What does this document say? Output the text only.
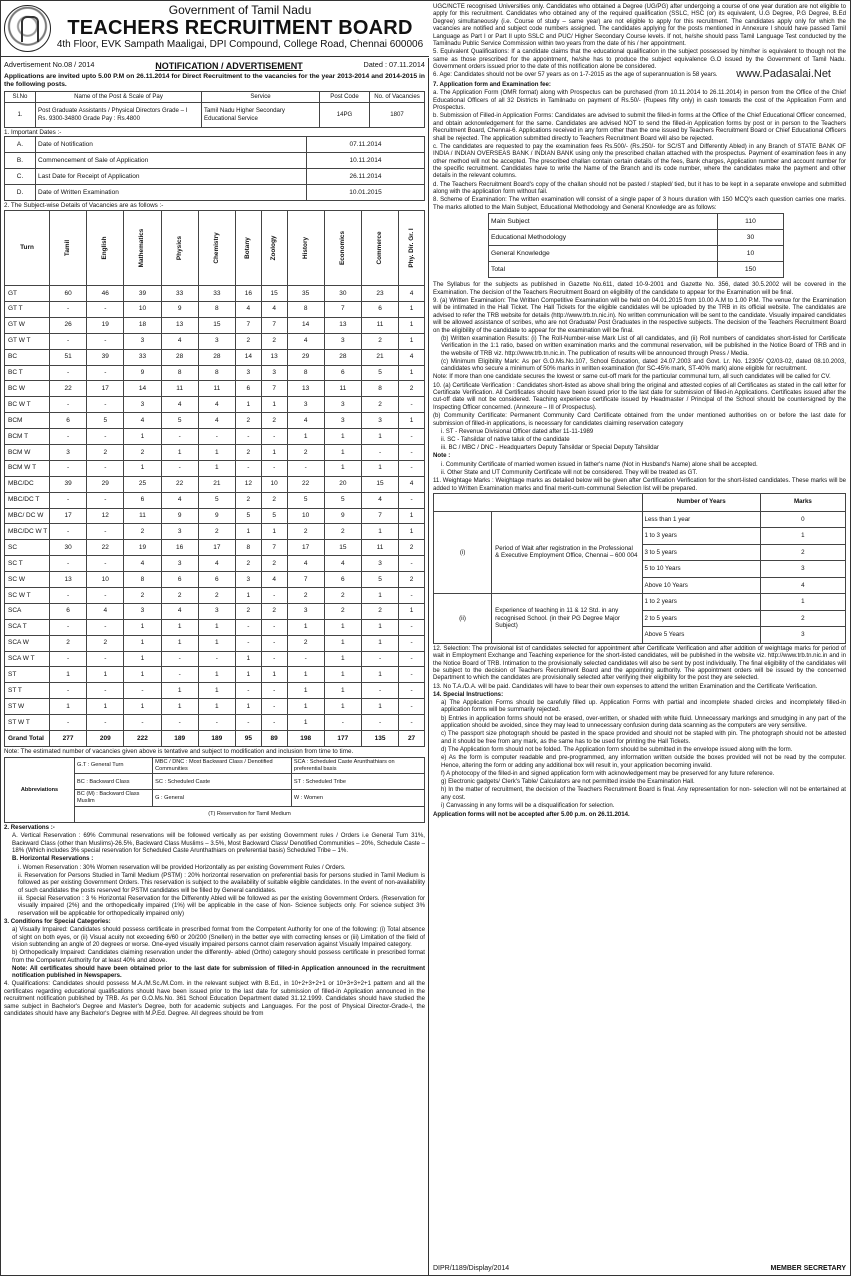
Government of Tamil Nadu
TEACHERS RECRUITMENT BOARD
4th Floor, EVK Sampath Maaligai, DPI Compound, College Road, Chennai 600006
Advertisement No.08 / 2014	NOTIFICATION / ADVERTISEMENT	Dated : 07.11.2014

Applications are invited upto 5.00 P.M on 26.11.2014 for Direct Recruitment to the vacancies for the year 2013-2014 and 2014-2015 in the following posts.

Sl.No	Name of the Post & Scale of Pay	Service	Post Code	No. of Vacancies
1.	Post Graduate Assistants / Physical Directors Grade – I
Rs. 9300-34800 Grade Pay : Rs.4800	Tamil Nadu Higher Secondary Educational Service	14PG	1807
1. Important Dates :-
A.	Date of Notification	07.11.2014
B.	Commencement of Sale of Application	10.11.2014
C.	Last Date for Receipt of Application	26.11.2014
D.	Date of Written Examination	10.01.2015
2. The Subject-wise Details of Vacancies are as follows :-
Turn	Tamil	English	Mathematics	Physics	Chemistry	Botany	Zoology	History	Economics	Commerce	Phy. Dir. Gr. I

GT	60	46	39	33	33	16	15	35	30	23	4
GT T	-	-	10	9	8	4	4	8	7	6	1
GT W	26	19	18	13	15	7	7	14	13	11	1
GT W T	-	-	3	4	3	2	2	4	3	2	1
BC	51	39	33	28	28	14	13	29	28	21	4
BC T	-	-	9	8	8	3	3	8	6	5	1
BC W	22	17	14	11	11	6	7	13	11	8	2
BC W T	-	-	3	4	4	1	1	3	3	2	-
BCM	6	5	4	5	4	2	2	4	3	3	1
BCM T	-	-	1	-	-	-	-	1	1	1	-
BCM W	3	2	2	1	1	2	1	2	1	-	-
BCM W T	-	-	1	-	1	-	-	-	1	1	-
MBC/DC	39	29	25	22	21	12	10	22	20	15	4
MBC/DC T	-	-	6	4	5	2	2	5	5	4	-
MBC/ DC W	17	12	11	9	9	5	5	10	9	7	1
MBC/DC W T	-	-	2	3	2	1	1	2	2	1	1
SC	30	22	19	16	17	8	7	17	15	11	2
SC T	-	-	4	3	4	2	2	4	4	3	-
SC W	13	10	8	6	6	3	4	7	6	5	2
SC W T	-	-	2	2	2	1	-	2	2	1	-
SCA	6	4	3	4	3	2	2	3	2	2	1
SCA T	-	-	1	1	1	-	-	1	1	1	-
SCA W	2	2	1	1	1	-	-	2	1	1	-
SCA W T	-	-	1	-	-	1	-	-	1	-	-
ST	1	1	1	-	1	1	1	1	1	1	-
ST T	-	-	-	1	1	-	-	1	1	-	-
ST W	1	1	1	1	1	1	-	1	1	1	-
ST W T	-	-	-	-	-	-	-	1	-	-	-
Grand Total	277	209	222	189	189	95	89	198	177	135	27

Note: The estimated number of vacancies given above is tentative and subject to modification and inclusion from time to time.

Abbreviations	G.T : General Turn	MBC / DNC : Most Backward Class / Denotified Communities	SCA : Scheduled Caste Arunthathiars on preferential basis
	BC : Backward Class	SC : Scheduled Caste	ST : Scheduled Tribe
	BC (M) : Backward Class Muslim	G : General	W : Women
	(T) Reservation for Tamil Medium		

2. Reservations :-

A. Vertical Reservation : 69% Communal reservations will be followed vertically as per existing Government rules / Orders i.e General Turn 31%, Backward Class (other than Muslims)-26.5%, Backward Class Muslims – 3.5%, Most Backward Class/ Denotified Communities – 20%, Schedule Caste – 18% (Which includes 3% special reservation for Scheduled Caste Arunthathiars on preferential basis) Scheduled Tribe – 1%.

B. Horizontal Reservations :

i. Women Reservation : 30% Women reservation will be provided Horizontally as per existing Government Rules / Orders.

ii. Reservation for Persons Studied in Tamil Medium (PSTM) : 20% horizontal reservation on preferential basis for persons studied in Tamil Medium is followed as per existing Government Orders. This reservation is subject to the availability of suitable eligible candidates. In the event of non-availability of such candidates the posts reserved for PSTM candidates will be filled by General candidates.

iii. Special Reservation : 3 % Horizontal Reservation for the Differently Abled will be followed as per the existing Government Orders. (Reservation for visually impaired (2%) and the orthopedically impaired (1%) will be applicable in the case of Non- Science subjects only. For science subject 3% reservation will be applicable for orthopedically impaired only)

3. Conditions for Special Categories:

a) Visually Impaired: Candidates should possess certificate in prescribed format from the Competent Authority for one of the following: (i) Total absence of sight on both eyes, or (ii) Visual acuity not exceeding 6/60 or 20/200 (Snellen) in the better eye with correcting lenses or (iii) Limitation of the field of vision subtending an angle of 20 degrees or worse. One-eyed visually impaired persons cannot claim reservation against Visually Impaired category.

b) Orthopedically Impaired: Candidates claiming reservation under the differently- abled (Ortho) category should possess certificate in prescribed format from the Competent Authority for at least 40% and above.

Note: All certificates should have been obtained prior to the last date for submission of filled-in Application announced in the recruitment notification published in Newspapers.

4. Qualifications: Candidates should possess M.A./M.Sc./M.Com. in the relevant subject with B.Ed., in 10+2+3+2+1 or 10+3+3+2+1 pattern and all the certificates regarding educational qualifications should have been issued prior to the last date for submission of filled-in Application announced in the recruitment notification published by TRB. As per G.O.Ms.No. 361 School Education Department dated 31.12.1999. Candidates should have studied the same subject in Bachelor's Degree and Master's Degree, both for academic subjects and Languages. For the post of Physical Director-Grade-I, the candidates should have any Bachelor's Degree with M.P.Ed. Degree. All degrees should be from

UGC/NCTE recognised Universities only. Candidates who obtained a Degree (UG/PG) after undergoing a course of one year duration are not eligible to apply for this recruitment. Candidates who obtained any of the required qualification (SSLC, HSC (or) its equivalent, U.G Degree, P.G Degree, B.Ed Degree) simultaneously (i.e. Course of study – same year) are not eligible to apply for this recruitment. The candidates apply only for which the vacancies are notified and subject code numbers assigned. The candidates applying for the posts mentioned in Annexure I should have passed Tamil Language as Part I or Part II upto SSLC and PUC/ Higher Secondary Course levels. If not, he/she should pass Tamil Language Test conducted by the Tamilnadu Public Service Commission within two years from the date of his / her appointment.

5. Equivalent Qualifications: If a candidate claims that the educational qualification in the subject possessed by him/her is equivalent to though not the same as those prescribed for the appointment, he/she has to produce the subject equivalence G.O issued by the Government of Tamil Nadu. Government orders issued prior to the date of this notification alone be considered.

6. Age: Candidates should not be over 57 years as on 1-7-2015 as the age of superannuation is 58 years.	www.Padasalai.Net

7. Application form and Examination fee:

a. The Application Form (OMR format) along with Prospectus can be purchased (from 10.11.2014 to 26.11.2014) in person from the Office of the Chief Educational Officers of all 32 Districts in Tamilnadu on payment of Rs.50/- (Rupees fifty only) in cash towards the cost of the Application Form and Prospectus.

b. Submission of Filled-in Application Forms: Candidates are advised to submit the filled-in forms at the Office of the Chief Educational Officer concerned, and obtain acknowledgement for the same. Candidates are advised NOT to send the filled-in Application forms by post or in person to the Teachers Recruitment Board, Chennai-6. Applications received in any form other than the one issued by Teachers Recruitment Board or Chief Educational Officers shall be rejected. The application submitted directly to Teachers Recruitment Board will also be rejected.

c. The candidates are requested to pay the examination fees Rs.500/- (Rs.250/- for SC/ST and Differently Abled) in any Branch of STATE BANK OF INDIA / INDIAN OVERSEAS BANK / INDIAN BANK using only the prescribed challan attached with the prospectus. Payment of examination fees in any other method will not be accepted. The prescribed challan contain certain details of the fees, Bank charges, Application number and account number for the specific recruitment. Candidates have to write the Name of the Branch and its code number, where the candidates make the payment and other details in the relevant columns.

d. The Teachers Recruitment Board's copy of the challan should not be pasted / stapled/ tied, but it has to be kept in a separate envelope and submitted along with the application form without fail.

8. Scheme of Examination: The written examination will consist of a single paper of 3 hours duration with 150 MCQ's each question carries one marks. The marks allotted to the Main Subject, Educational Methodology and General Knowledge are as follows:

Main Subject	110
Educational Methodology	30
General Knowledge	10
Total	150

The Syllabus for the subjects as published in Gazette No.611, dated 10-9-2001 and Gazette No. 356, dated 30.5.2002 will be covered in the Examination. The decision of the Teachers Recruitment Board on eligibility of the candidate to appear for the Examination will be final.

9. (a) Written Examination: The Written Competitive Examination will be held on 04.01.2015 from 10.00 A.M to 1.00 P.M. The venue for the Examination will be intimated in the Hall Ticket. The Hall Tickets for the eligible candidates will be uploaded by the TRB in its official website. The candidates are advised to refer the TRB website for details (http://www.trb.tn.nic.in). No written communication will be sent to the candidate. Visually impaired candidates will be allowed assistance of scribes, who are not Graduate/ Post Graduates in the respective subjects. The decision of the Teachers Recruitment Board on the eligibility of the candidate to appear for the examination will be final.

(b) Written examination Results: (i) The Roll-Number-wise Mark List of all candidates, and (ii) Roll numbers of candidates short-listed for Certificate Verification in the 1:1 ratio, based on written examination marks and the communal reservation, will be published in the Notice Board of TRB and in the website of TRB viz. http://www.trb.tn.nic.in. The publication of results will be announced through Press / Media.

(c) Minimum Eligibility Mark: As per G.O.Ms.No.107, School Education, dated 24.07.2003 and Govt. Lr. No. 12305/ Q2/03-02, dated 08.10.2003, candidates who secure a minimum of 50% marks in written examination (for SC-45% mark, ST-40% mark) alone eligible for recruitment.

Note: If more than one candidate secures the lowest or same cut-off mark for the particular communal turn, all such candidates will be called for CV.

10. (a) Certificate Verification : Candidates short-listed as above shall bring the original and attested copies of all Certificates as stated in the call letter for Certificate Verification. All Certificates should have been issued prior to the last date for submission of filled-in Applications. Certificates issued after the cut-off date will not be considered. Teaching experience certificate issued by Headmaster / Principal of the School should be countersigned by the Inspecting Officer concerned. (Annexure – III of Prospectus).

(b) Community Certificate: Permanent Community Card Certificate obtained from the under mentioned authorities on or before the last date for submission of filled-in applications, is necessary for candidates claiming reservation category

i. ST - Revenue Divisional Officer dated after 11-11-1989

ii. SC - Tahsildar of native taluk of the candidate

iii. BC / MBC / DNC - Headquarters Deputy Tahsildar or Special Deputy Tahsildar

Note :

i. Community Certificate of married women issued in father's name (Not in Husband's Name) alone shall be accepted.

ii. Other State and UT Community Certificate will not be considered. They will be treated as GT.

11. Weightage Marks : Weightage marks as detailed below will be given after Certification Verification for the short-listed candidates. These marks will be added to Written Examination marks and final merit-cum-communal Selection list will be prepared.

		Number of Years	Marks
(i)	Period of Wait after registration in the Professional & Executive Employment Office, Chennai – 600 004	Less than 1 year	0
		1 to 3 years	1
		3 to 5 years	2
		5 to 10 Years	3
		Above 10 Years	4
(ii)	Experience of teaching in 11 & 12 Std. in any recognised School. (in their PG Degree Major Subject)	1 to 2 years	1
		2 to 5 years	2
		Above 5 Years	3

12. Selection: The provisional list of candidates selected for appointment after Certificate Verification and after addition of weightage marks for period of wait in Employment Exchange and Teaching experience for the short-listed candidates, will be published in the website viz. http://www.trb.tn.nic.in and in the Notice Board of TRB. Intimation to the provisionally selected candidates will also be sent by post individually. The final eligibility of the candidates will be subject to the decision of Teachers Recruitment Board and the appointing authority. The appointment orders will be issued by the concerned Department to which the candidates are provisionally selected after verifying their eligibility for the post they are selected.

13. No T.A./D.A. will be paid. Candidates will have to bear their own expenses to attend the written Examination and the Certificate Verification.

14. Special Instructions:

a) The Application Forms should be carefully filled up. Application Forms with partial and incomplete shaded circles and incompletely filled-in application forms will be summarily rejected.

b) Entries in application forms should not be erased, over-written, or shaded with white fluid. Unnecessary markings and smudging in any part of the application should be avoided, since they may lead to unnecessary confusion during data scanning as the computers are very sensitive.

c) The passport size photograph should be pasted in the space provided and should not be stapled with pin. The photograph should not be attested and it should be free from any mark, as the same has to be used for printing the Hall Tickets.

d) The Application form should not be folded. The Application form should be submitted in the envelope issued along with the form.

e) As the form is computer readable and pre-programmed, any information written outside the boxes provided will not be read by the computer. Hence, altering the form or adding any additional box will result in, your application becoming invalid.

f) A photocopy of the filled-in and signed application form with acknowledgement may be preserved for any future reference.

g) Electronic gadgets/ Clerk's Table/ Calculators are not permitted inside the Examination Hall.

h) In the matter of recruitment, the decision of the Teachers Recruitment Board is final. Any representation for non- selection will not be entertained at any cost.

i) Canvassing in any forms will be a disqualification for selection.

Application forms will not be accepted after 5.00 p.m. on 26.11.2014.

DIPR/1189/Display/2014	MEMBER SECRETARY
